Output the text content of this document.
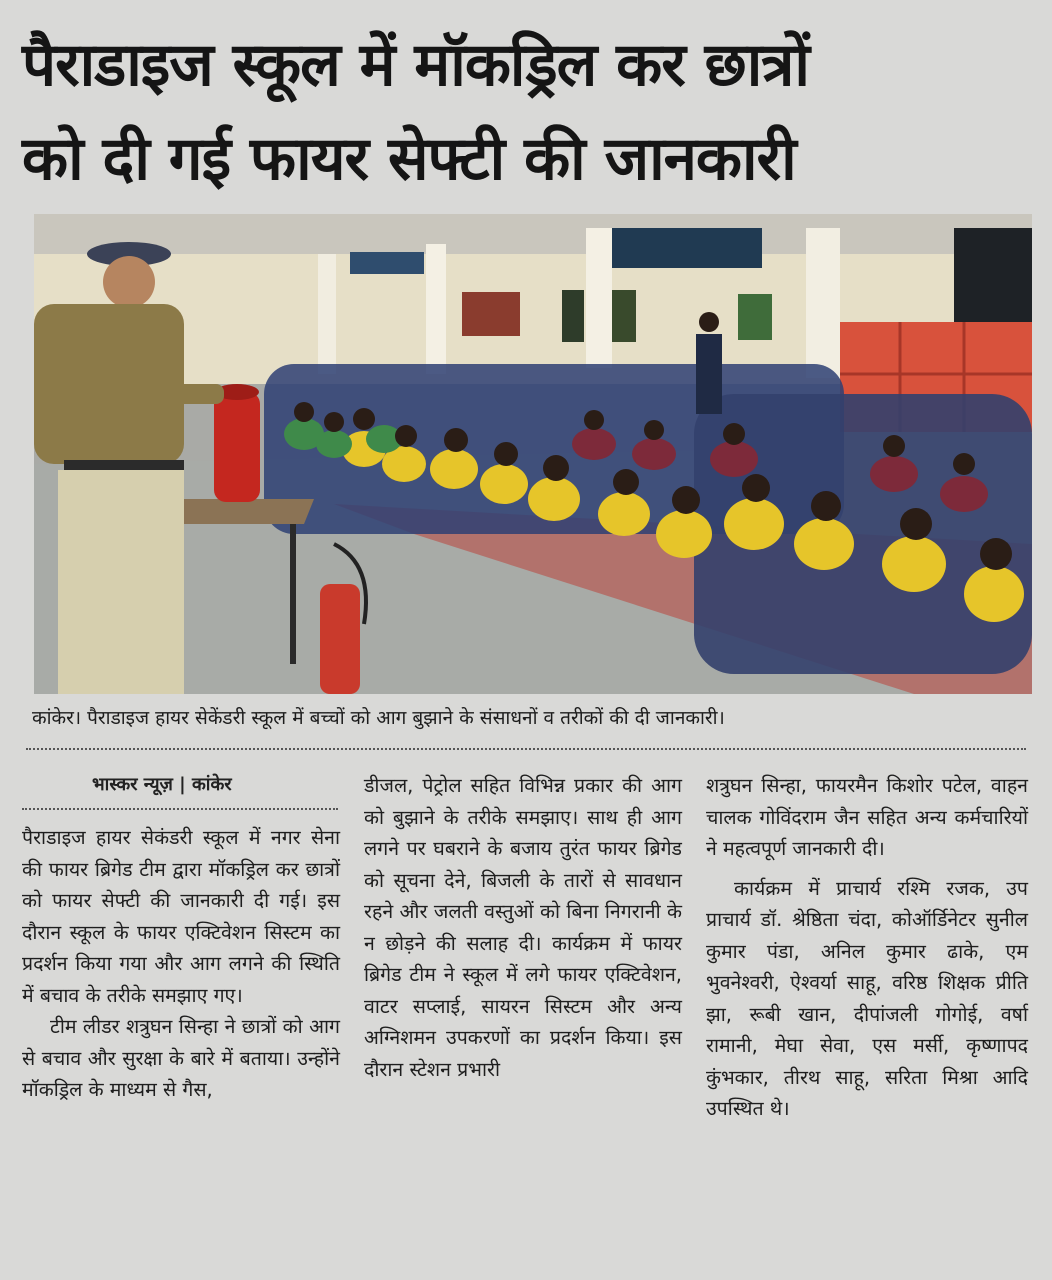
पैराडाइज स्कूल में मॉकड्रिल कर छात्रों
को दी गई फायर सेफ्टी की जानकारी
कांकेर। पैराडाइज हायर सेकेंडरी स्कूल में बच्चों को आग बुझाने के संसाधनों व तरीकों की दी जानकारी।
भास्कर न्यूज़ | कांकेर

पैराडाइज हायर सेकंडरी स्कूल में नगर सेना की फायर ब्रिगेड टीम द्वारा मॉकड्रिल कर छात्रों को फायर सेफ्टी की जानकारी दी गई। इस दौरान स्कूल के फायर एक्टिवेशन सिस्टम का प्रदर्शन किया गया और आग लगने की स्थिति में बचाव के तरीके समझाए गए।

टीम लीडर शत्रुघन सिन्हा ने छात्रों को आग से बचाव और सुरक्षा के बारे में बताया। उन्होंने मॉकड्रिल के माध्यम से गैस,

डीजल, पेट्रोल सहित विभिन्न प्रकार की आग को बुझाने के तरीके समझाए। साथ ही आग लगने पर घबराने के बजाय तुरंत फायर ब्रिगेड को सूचना देने, बिजली के तारों से सावधान रहने और जलती वस्तुओं को बिना निगरानी के न छोड़ने की सलाह दी। कार्यक्रम में फायर ब्रिगेड टीम ने स्कूल में लगे फायर एक्टिवेशन, वाटर सप्लाई, सायरन सिस्टम और अन्य अग्निशमन उपकरणों का प्रदर्शन किया। इस दौरान स्टेशन प्रभारी

शत्रुघन सिन्हा, फायरमैन किशोर पटेल, वाहन चालक गोविंदराम जैन सहित अन्य कर्मचारियों ने महत्वपूर्ण जानकारी दी।

कार्यक्रम में प्राचार्य रश्मि रजक, उप प्राचार्य डॉ. श्रेष्ठिता चंदा, कोऑर्डिनेटर सुनील कुमार पंडा, अनिल कुमार ढाके, एम भुवनेश्वरी, ऐश्वर्या साहू, वरिष्ठ शिक्षक प्रीति झा, रूबी खान, दीपांजली गोगोई, वर्षा रामानी, मेघा सेवा, एस मर्सी, कृष्णापद कुंभकार, तीरथ साहू, सरिता मिश्रा आदि उपस्थित थे।
